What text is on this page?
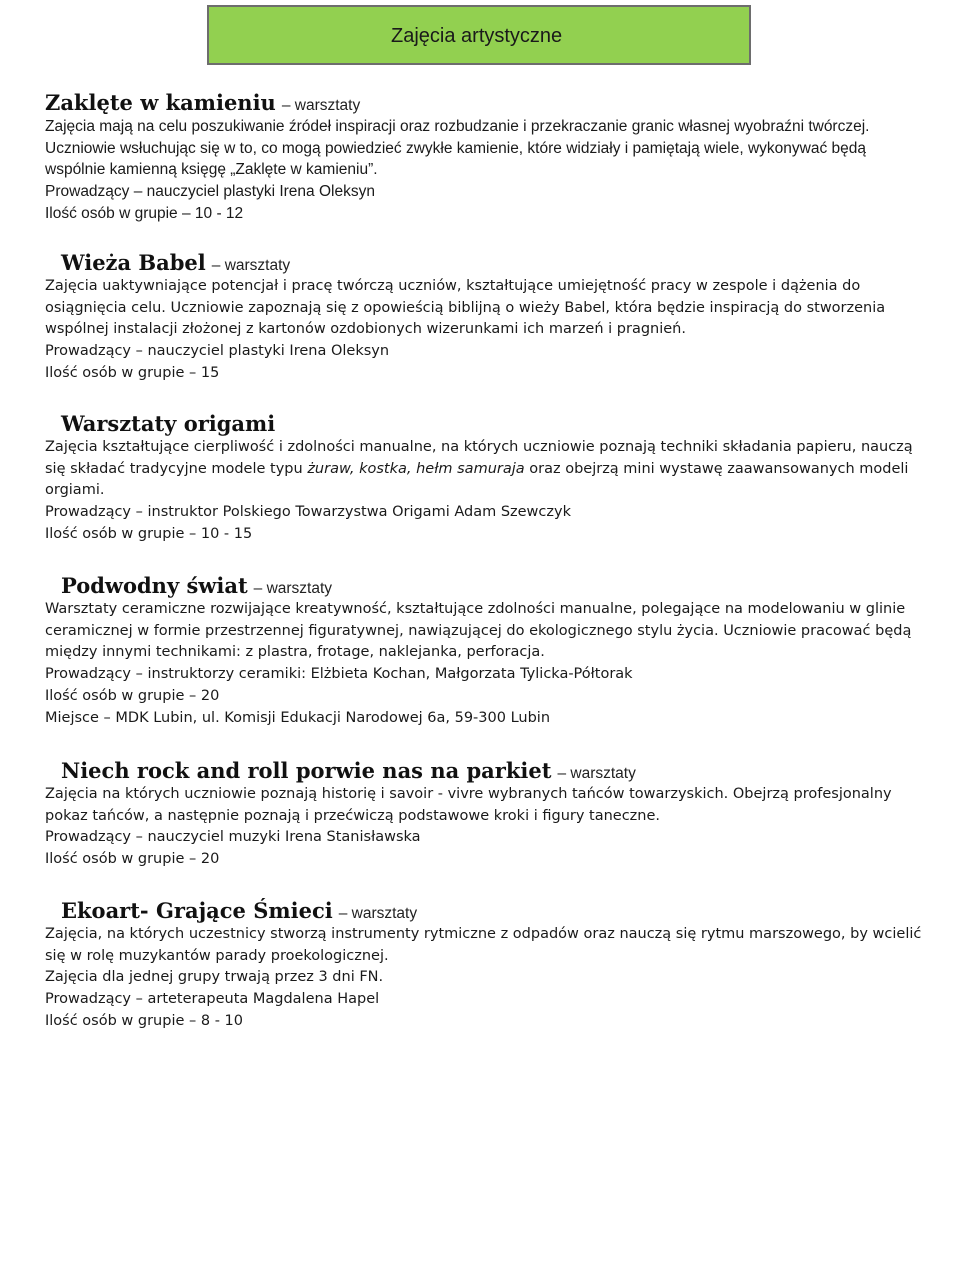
Zajęcia artystyczne
Zaklęte w kamieniu – warsztaty
Zajęcia mają na celu poszukiwanie źródeł inspiracji oraz rozbudzanie i przekraczanie granic własnej wyobraźni twórczej.
Uczniowie wsłuchując się w to, co mogą powiedzieć zwykłe kamienie, które widziały i pamiętają wiele, wykonywać będą
wspólnie kamienną księgę „Zaklęte w kamieniu”.
Prowadzący – nauczyciel plastyki Irena Oleksyn
Ilość osób w grupie – 10 - 12
Wieża Babel – warsztaty
Zajęcia uaktywniające potencjał i pracę twórczą uczniów, kształtujące umiejętność pracy w zespole i dążenia do
osiągnięcia celu. Uczniowie zapoznają się z opowieścią biblijną o wieży Babel, która będzie inspiracją do stworzenia
wspólnej instalacji złożonej z kartonów ozdobionych wizerunkami ich marzeń i pragnień.
Prowadzący – nauczyciel plastyki Irena Oleksyn
Ilość osób w grupie – 15
Warsztaty origami
Zajęcia kształtujące cierpliwość i zdolności manualne, na których uczniowie poznają techniki składania papieru, nauczą
się składać tradycyjne modele typu żuraw, kostka, hełm samuraja oraz obejrzą mini wystawę zaawansowanych modeli
orgiami.
Prowadzący – instruktor Polskiego Towarzystwa Origami Adam Szewczyk
Ilość osób w grupie – 10 - 15
Podwodny świat – warsztaty
Warsztaty ceramiczne rozwijające kreatywność, kształtujące zdolności manualne, polegające na modelowaniu w glinie
ceramicznej w formie przestrzennej figuratywnej, nawiązującej do ekologicznego stylu życia. Uczniowie pracować będą
między innymi technikami: z plastra, frotage, naklejanka, perforacja.
Prowadzący – instruktorzy ceramiki: Elżbieta Kochan, Małgorzata Tylicka-Półtorak
Ilość osób w grupie – 20
Miejsce – MDK Lubin, ul. Komisji Edukacji Narodowej 6a, 59-300 Lubin
Niech rock and roll porwie nas na parkiet – warsztaty
Zajęcia na których uczniowie poznają historię i savoir - vivre wybranych tańców towarzyskich. Obejrzą profesjonalny
pokaz tańców, a następnie poznają i przećwiczą podstawowe kroki i figury taneczne.
Prowadzący – nauczyciel muzyki Irena Stanisławska
Ilość osób w grupie – 20
Ekoart- Grające Śmieci – warsztaty
Zajęcia, na których uczestnicy stworzą instrumenty rytmiczne z odpadów oraz nauczą się rytmu marszowego, by wcielić
się w rolę muzykantów parady proekologicznej.
Zajęcia dla jednej grupy trwają przez 3 dni FN.
Prowadzący – arteterapeuta Magdalena Hapel
Ilość osób w grupie – 8 - 10
